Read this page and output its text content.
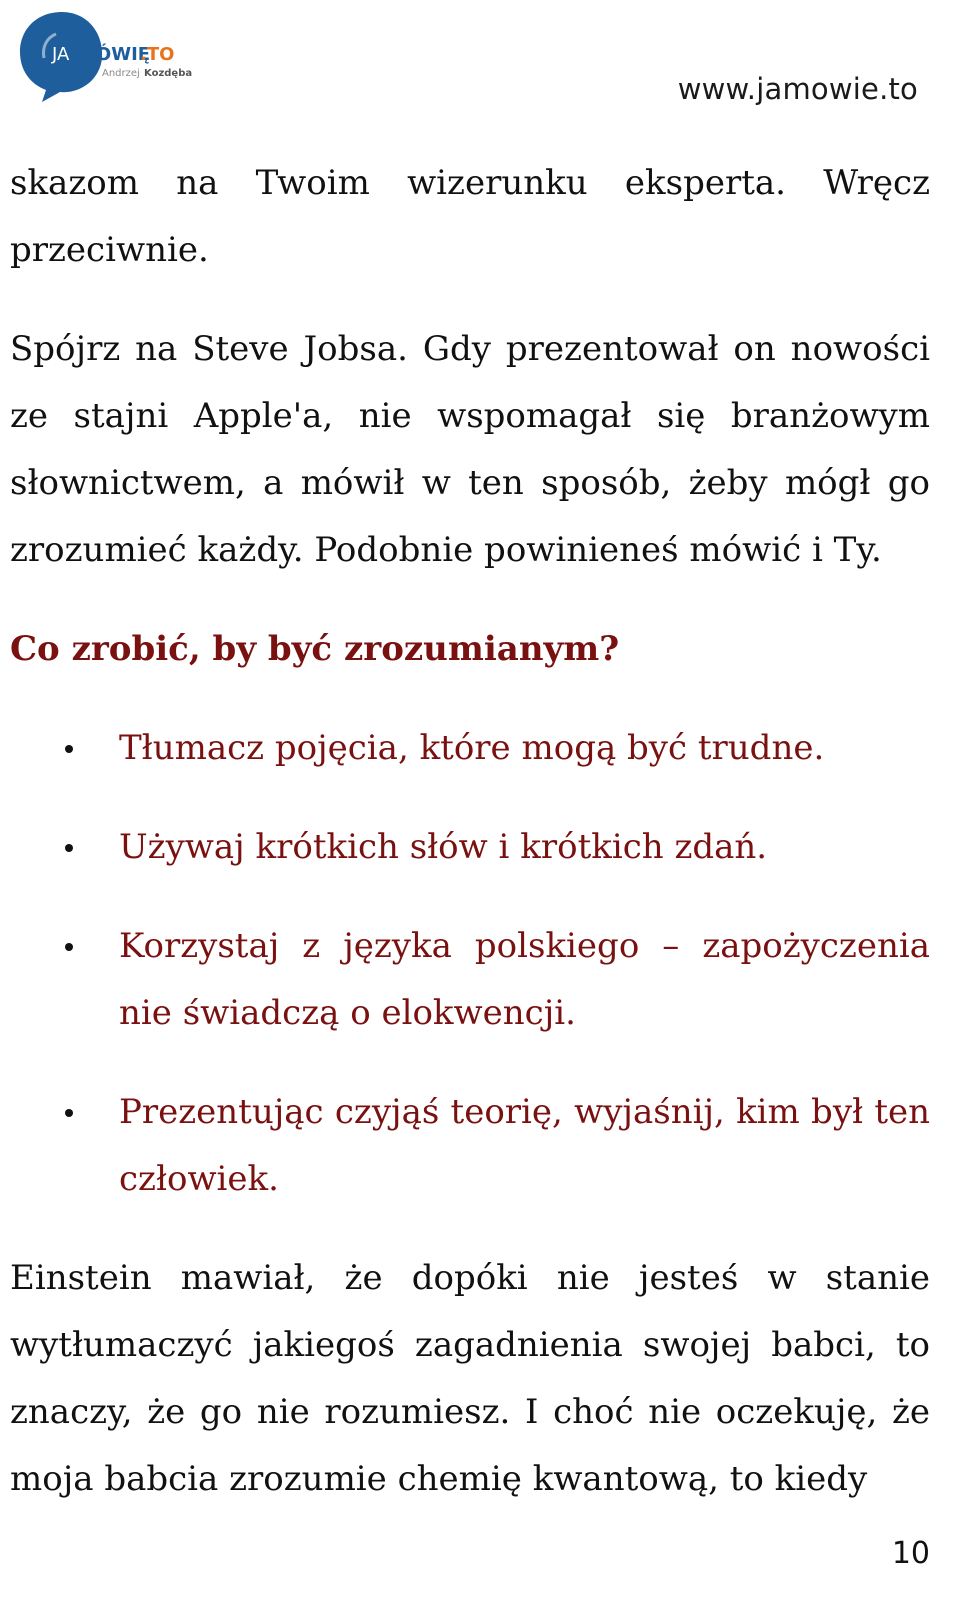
JA MÓWIĘ
.TO
Andrzej Kozdęba	www.jamowie.to

skazom na Twoim wizerunku eksperta. Wręcz przeciwnie.

Spójrz na Steve Jobsa. Gdy prezentował on nowości ze stajni Apple'a, nie wspomagał się branżowym słownictwem, a mówił w ten sposób, żeby mógł go zrozumieć każdy. Podobnie powinieneś mówić i Ty.

Co zrobić, by być zrozumianym?
Tłumacz pojęcia, które mogą być trudne.
Używaj krótkich słów i krótkich zdań.
Korzystaj z języka polskiego – zapożyczenia nie świadczą o elokwencji.
Prezentując czyjąś teorię, wyjaśnij, kim był ten człowiek.

Einstein mawiał, że dopóki nie jesteś w stanie wytłumaczyć jakiegoś zagadnienia swojej babci, to znaczy, że go nie rozumiesz. I choć nie oczekuję, że moja babcia zrozumie chemię kwantową, to kiedy

10
